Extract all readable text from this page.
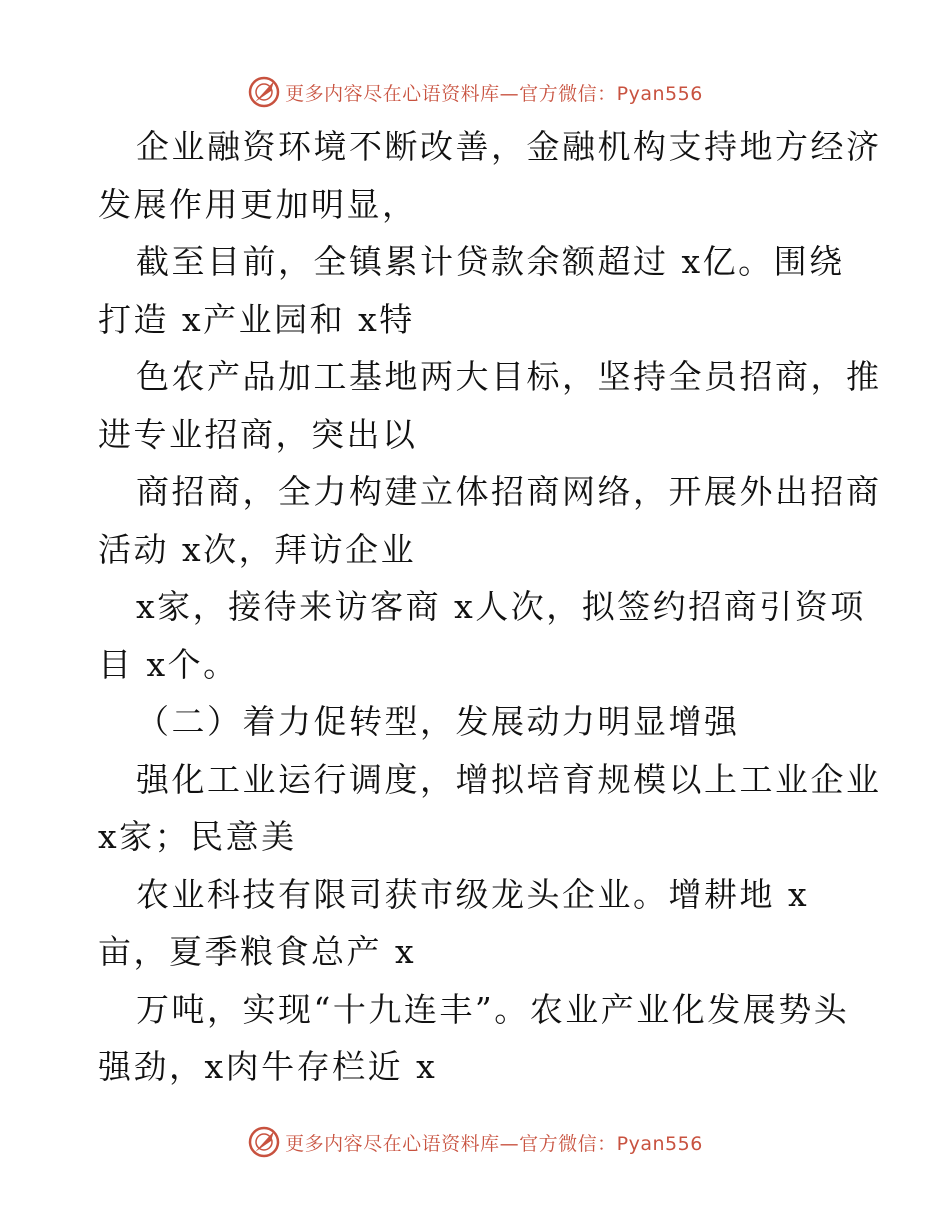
更多内容尽在心语资料库—官方微信：Pyan556
企业融资环境不断改善，金融机构支持地方经济
发展作用更加明显，
截至目前，全镇累计贷款余额超过 x亿。围绕
打造 x产业园和 x特
色农产品加工基地两大目标，坚持全员招商，推
进专业招商，突出以
商招商，全力构建立体招商网络，开展外出招商
活动 x次，拜访企业
x家，接待来访客商 x人次，拟签约招商引资项
目 x个。
（二）着力促转型，发展动力明显增强
强化工业运行调度，增拟培育规模以上工业企业
x家；民意美
农业科技有限司获市级龙头企业。增耕地 x
亩，夏季粮食总产 x
万吨，实现“十九连丰”。农业产业化发展势头
强劲，x肉牛存栏近 x
更多内容尽在心语资料库—官方微信：Pyan556
